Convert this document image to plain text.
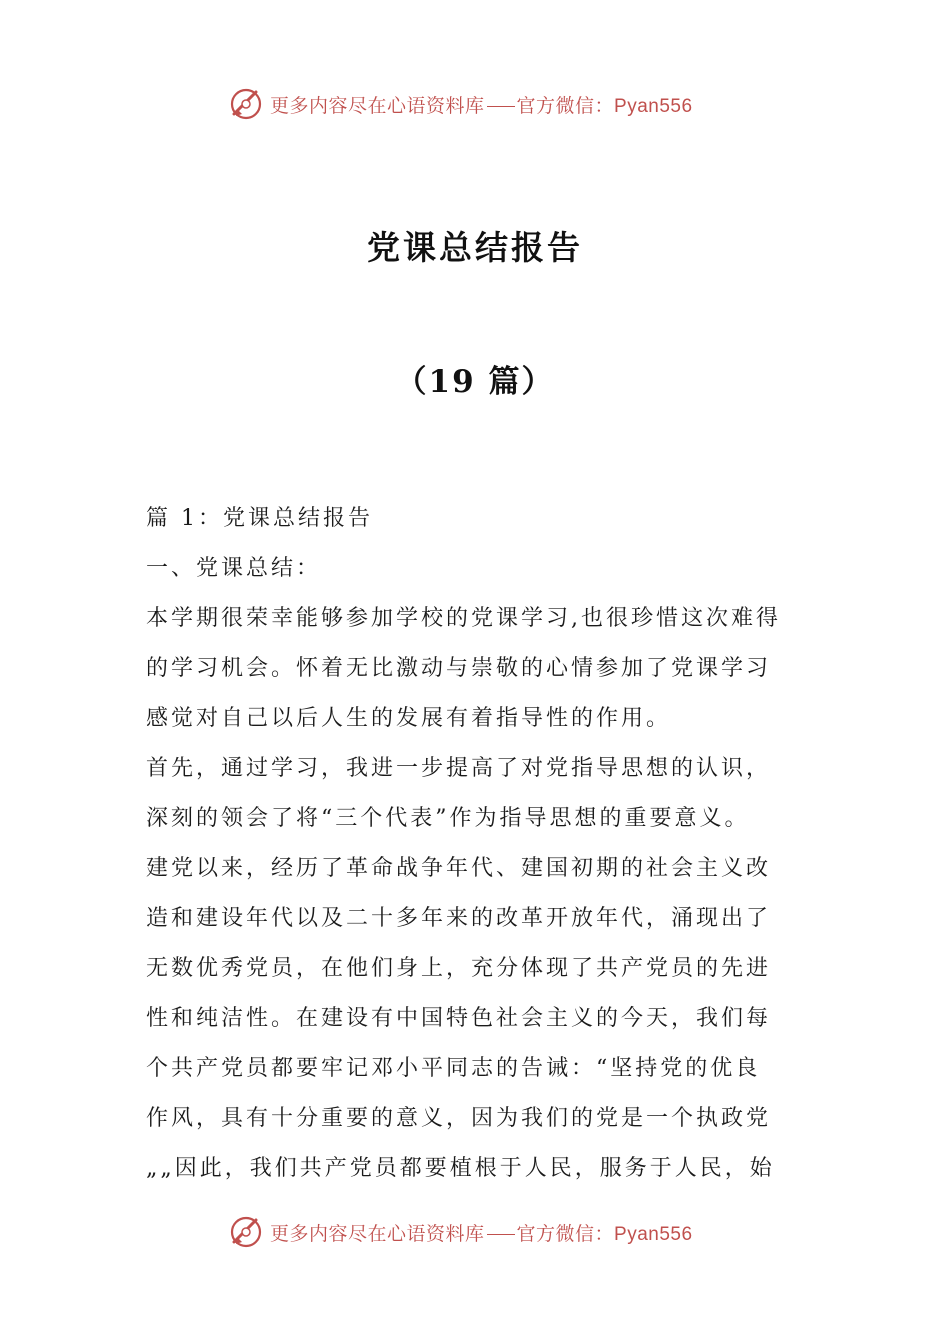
更多内容尽在心语资料库 官方微信：Pyan556
党课总结报告
（19 篇）
篇 1：党课总结报告
一、党课总结：
本学期很荣幸能够参加学校的党课学习,也很珍惜这次难得
的学习机会。怀着无比激动与崇敬的心情参加了党课学习
感觉对自己以后人生的发展有着指导性的作用。
首先，通过学习，我进一步提高了对党指导思想的认识，
深刻的领会了将“三个代表”作为指导思想的重要意义。
建党以来，经历了革命战争年代、建国初期的社会主义改
造和建设年代以及二十多年来的改革开放年代，涌现出了
无数优秀党员，在他们身上，充分体现了共产党员的先进
性和纯洁性。在建设有中国特色社会主义的今天，我们每
个共产党员都要牢记邓小平同志的告诫：“坚持党的优良
作风，具有十分重要的意义，因为我们的党是一个执政党
„„因此，我们共产党员都要植根于人民，服务于人民，始
更多内容尽在心语资料库 官方微信：Pyan556
